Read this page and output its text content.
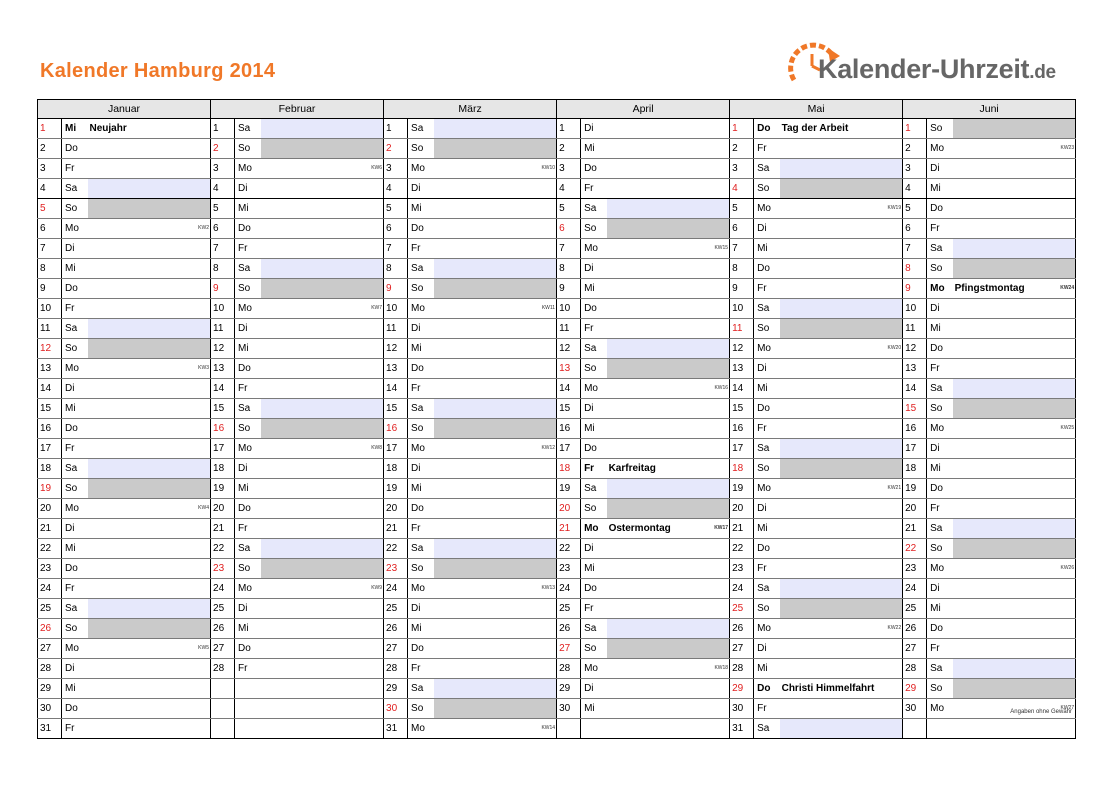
Kalender Hamburg 2014	Kalender-Uhrzeit.de
Januar			Februar			März			April			Mai			Juni		
1	Mi	Neujahr	1	Sa		1	Sa		1	Di		1	Do	Tag der Arbeit	1	So	
2	Do		2	So		2	So		2	Mi		2	Fr		2	Mo	KW23

3	Fr		3	Mo	KW6	3	Mo	KW10	3	Do		3	Sa		3	Di	
4	Sa		4	Di		4	Di		4	Fr		4	So		4	Mi	
5	So		5	Mi		5	Mi		5	Sa		5	Mo	KW19	5	Do	
6	Mo	KW2	6	Do		6	Do		6	So		6	Di		6	Fr	
7	Di		7	Fr		7	Fr		7	Mo	KW15	7	Mi		7	Sa	
8	Mi		8	Sa		8	Sa		8	Di		8	Do		8	So	
9	Do		9	So		9	So		9	Mi		9	Fr		9	Mo	Pfingstmontag KW24

10	Fr		10	Mo	KW7	10	Mo	KW11	10	Do		10	Sa		10	Di	
11	Sa		11	Di		11	Di		11	Fr		11	So		11	Mi	
12	So		12	Mi		12	Mi		12	Sa		12	Mo	KW20	12	Do	
13	Mo	KW3	13	Do		13	Do		13	So		13	Di		13	Fr	
14	Di		14	Fr		14	Fr		14	Mo	KW16	14	Mi		14	Sa	
15	Mi		15	Sa		15	Sa		15	Di		15	Do		15	So	
16	Do		16	So		16	So		16	Mi		16	Fr		16	Mo	KW25

17	Fr		17	Mo	KW8	17	Mo	KW12	17	Do		17	Sa		17	Di	
18	Sa		18	Di		18	Di		18	Fr	Karfreitag	18	So		18	Mi	
19	So		19	Mi		19	Mi		19	Sa		19	Mo	KW21	19	Do	
20	Mo	KW4	20	Do		20	Do		20	So		20	Di		20	Fr	
21	Di		21	Fr		21	Fr		21	Mo	Ostermontag KW17	21	Mi		21	Sa	
22	Mi		22	Sa		22	Sa		22	Di		22	Do		22	So	
23	Do		23	So		23	So		23	Mi		23	Fr		23	Mo	KW26

24	Fr		24	Mo	KW9	24	Mo	KW13	24	Do		24	Sa		24	Di	
25	Sa		25	Di		25	Di		25	Fr		25	So		25	Mi	
26	So		26	Mi		26	Mi		26	Sa		26	Mo	KW22	26	Do	
27	Mo	KW5	27	Do		27	Do		27	So		27	Di		27	Fr	
28	Di		28	Fr		28	Fr		28	Mo	KW18	28	Mi		28	Sa	
29	Mi					29	Sa		29	Di		29	Do	Christi Himmelfahrt	29	So	
30	Do					30	So		30	Mi		30	Fr		30	Mo	KW27

31	Fr					31	Mo	KW14				31	Sa				
Angaben ohne Gewähr
